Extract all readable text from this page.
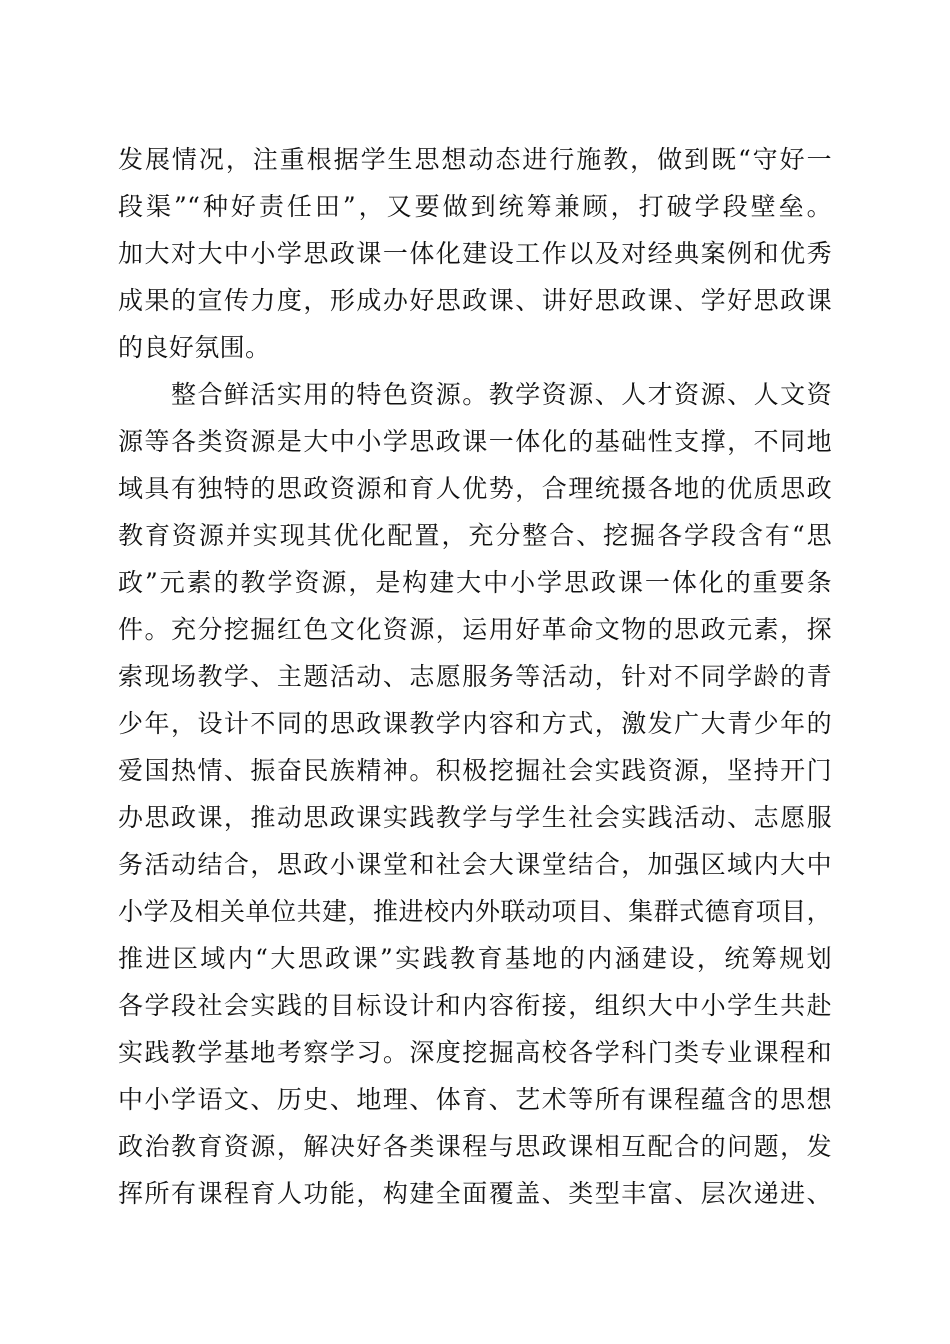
发展情况，注重根据学生思想动态进行施教，做到既“守好一
段渠”“种好责任田”，又要做到统筹兼顾，打破学段壁垒。
加大对大中小学思政课一体化建设工作以及对经典案例和优秀
成果的宣传力度，形成办好思政课、讲好思政课、学好思政课
的良好氛围。
　　整合鲜活实用的特色资源。教学资源、人才资源、人文资
源等各类资源是大中小学思政课一体化的基础性支撑，不同地
域具有独特的思政资源和育人优势，合理统摄各地的优质思政
教育资源并实现其优化配置，充分整合、挖掘各学段含有“思
政”元素的教学资源，是构建大中小学思政课一体化的重要条
件。充分挖掘红色文化资源，运用好革命文物的思政元素，探
索现场教学、主题活动、志愿服务等活动，针对不同学龄的青
少年，设计不同的思政课教学内容和方式，激发广大青少年的
爱国热情、振奋民族精神。积极挖掘社会实践资源，坚持开门
办思政课，推动思政课实践教学与学生社会实践活动、志愿服
务活动结合，思政小课堂和社会大课堂结合，加强区域内大中
小学及相关单位共建，推进校内外联动项目、集群式德育项目，
推进区域内“大思政课”实践教育基地的内涵建设，统筹规划
各学段社会实践的目标设计和内容衔接，组织大中小学生共赴
实践教学基地考察学习。深度挖掘高校各学科门类专业课程和
中小学语文、历史、地理、体育、艺术等所有课程蕴含的思想
政治教育资源，解决好各类课程与思政课相互配合的问题，发
挥所有课程育人功能，构建全面覆盖、类型丰富、层次递进、
